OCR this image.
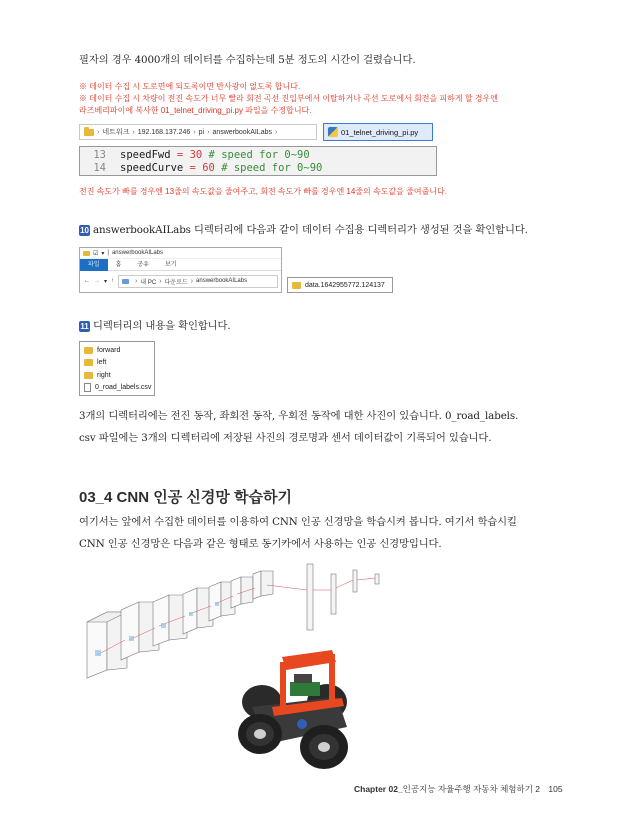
필자의 경우 4000개의 데이터를 수집하는데 5분 정도의 시간이 걸렸습니다.
※ 데이터 수집 시 도로면에 되도록이면 반사광이 없도록 합니다.
※ 데이터 수집 시 차량이 전진 속도가 너무 빨라 회전 곡선 진입부에서 이탈하거나 곡선 도로에서 회전을 피하게 할 경우엔
라즈베리파이에 복사한 01_telnet_driving_pi.py 파일을 수정합니다.
› 네트워크 › 192.168.137.246 › pi › answerbookAILabs ›	01_telnet_driving_pi.py
13 speedFwd = 30 # speed for 0~90
14 speedCurve = 60 # speed for 0~90
전진 속도가 빠를 경우엔 13줄의 속도값을 줄여주고, 회전 속도가 빠를 경우엔 14줄의 속도값을 줄여줍니다.
10 answerbookAILabs 디렉터리에 다음과 같이 데이터 수집용 디렉터리가 생성된 것을 확인합니다.
☑ ▾ | answerbookAILabs
파일	홈	공유	보기
← → ▾ ↑	› 내 PC › 다운로드 › answerbookAILabs
data.1642955772.124137
11 디렉터리의 내용을 확인합니다.
forward
left
right
0_road_labels.csv
3개의 디렉터리에는 전진 동작, 좌회전 동작, 우회전 동작에 대한 사진이 있습니다. 0_road_labels.
csv 파일에는 3개의 디렉터리에 저장된 사진의 경로명과 센서 데이터값이 기록되어 있습니다.
03_4 CNN 인공 신경망 학습하기
여기서는 앞에서 수집한 데이터를 이용하여 CNN 인공 신경망을 학습시켜 봅니다. 여기서 학습시킬
CNN 인공 신경망은 다음과 같은 형태로 동기카에서 사용하는 인공 신경망입니다.
Chapter 02_인공지능 자율주행 자동차 체험하기 2 105
